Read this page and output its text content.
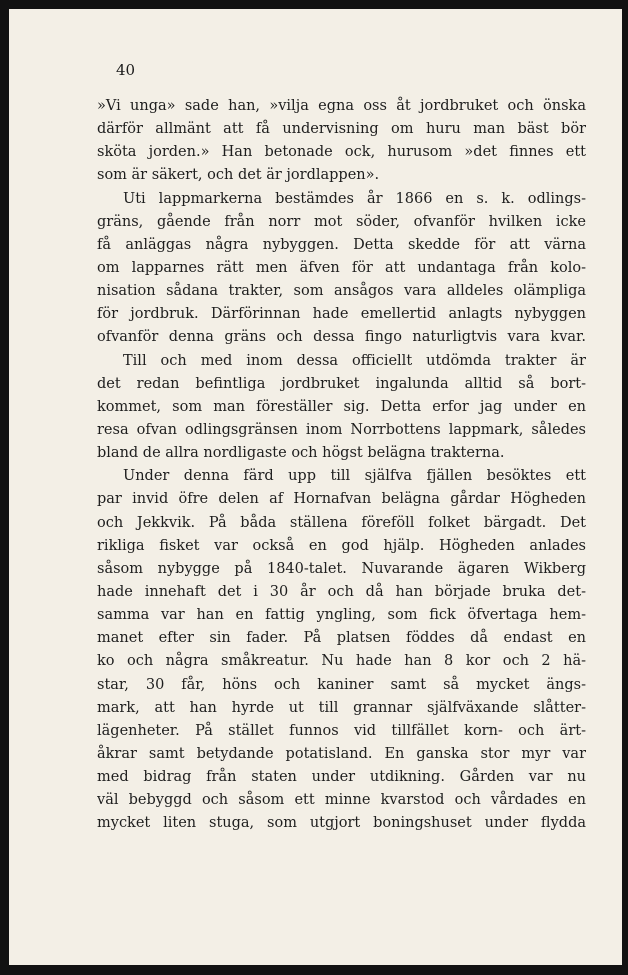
40
»Vi unga» sade han, »vilja egna oss åt jordbruket och önska
därför allmänt att få undervisning om huru man bäst bör
sköta jorden.» Han betonade ock, hurusom »det finnes ett
som är säkert, och det är jordlappen».
Uti lappmarkerna bestämdes år 1866 en s. k. odlings-
gräns, gående från norr mot söder, ofvanför hvilken icke
få anläggas några nybyggen. Detta skedde för att värna
om lapparnes rätt men äfven för att undantaga från kolo-
nisation sådana trakter, som ansågos vara alldeles olämpliga
för jordbruk. Därförinnan hade emellertid anlagts nybyggen
ofvanför denna gräns och dessa fingo naturligtvis vara kvar.
Till och med inom dessa officiellt utdömda trakter är
det redan befintliga jordbruket ingalunda alltid så bort-
kommet, som man föreställer sig. Detta erfor jag under en
resa ofvan odlingsgränsen inom Norrbottens lappmark, således
bland de allra nordligaste och högst belägna trakterna.
Under denna färd upp till själfva fjällen besöktes ett
par invid öfre delen af Hornafvan belägna gårdar Högheden
och Jekkvik. På båda ställena föreföll folket bärgadt. Det
rikliga fisket var också en god hjälp. Högheden anlades
såsom nybygge på 1840-talet. Nuvarande ägaren Wikberg
hade innehaft det i 30 år och då han började bruka det-
samma var han en fattig yngling, som fick öfvertaga hem-
manet efter sin fader. På platsen föddes då endast en
ko och några småkreatur. Nu hade han 8 kor och 2 hä-
star, 30 får, höns och kaniner samt så mycket ängs-
mark, att han hyrde ut till grannar själfväxande slåtter-
lägenheter. På stället funnos vid tillfället korn- och ärt-
åkrar samt betydande potatisland. En ganska stor myr var
med bidrag från staten under utdikning. Gården var nu
väl bebyggd och såsom ett minne kvarstod och vårdades en
mycket liten stuga, som utgjort boningshuset under flydda
